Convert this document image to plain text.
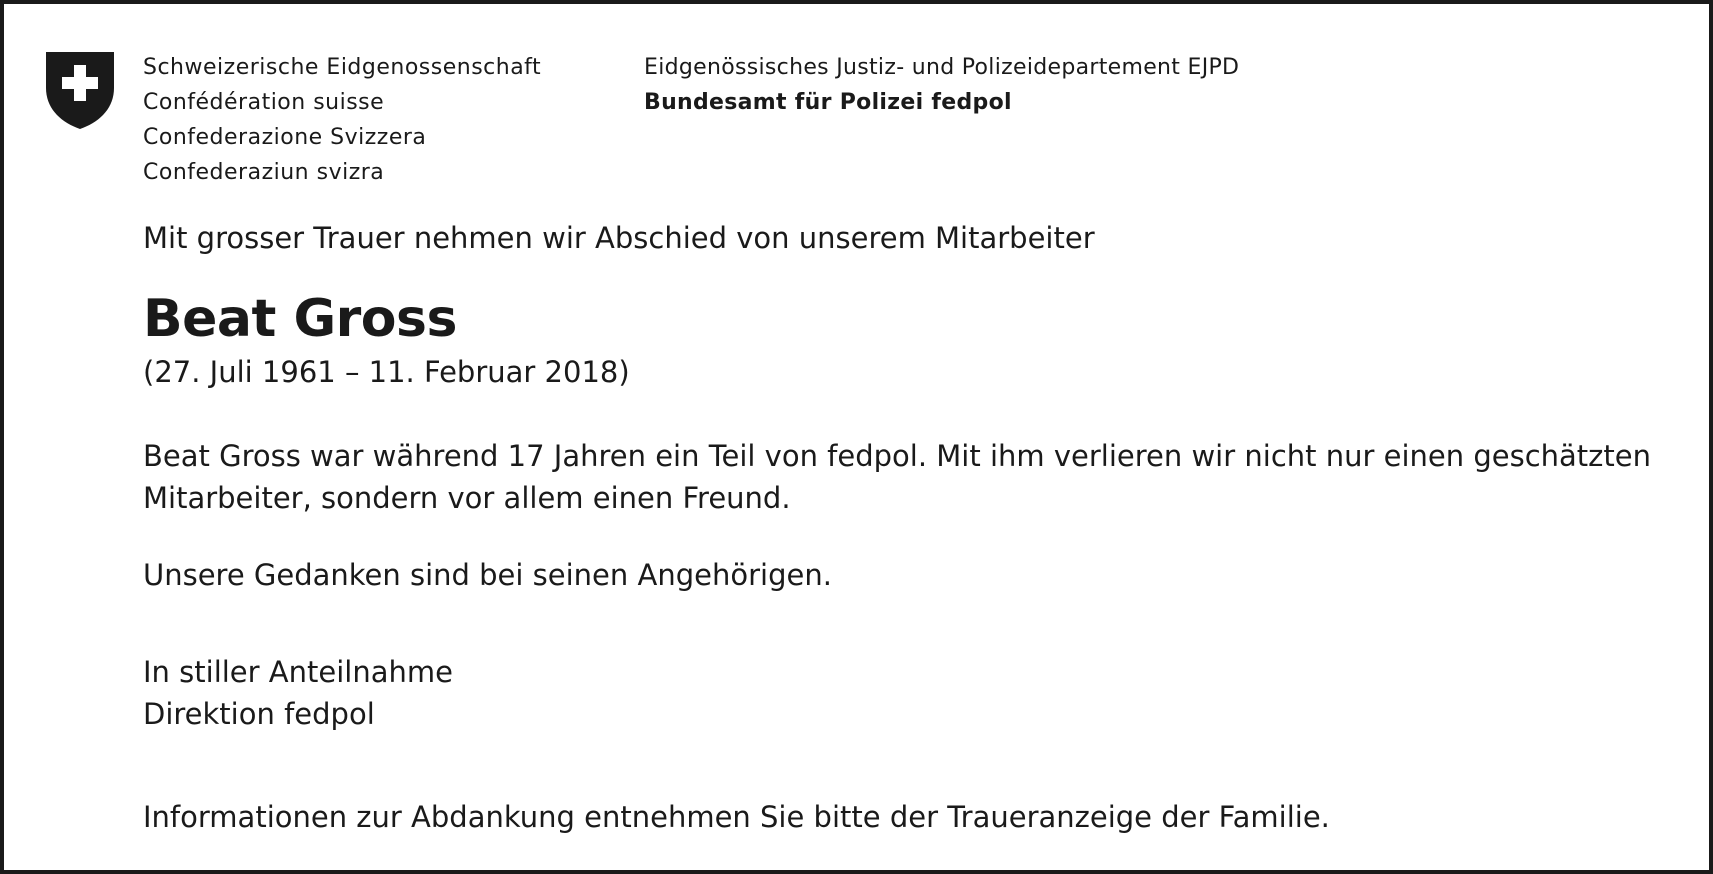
Schweizerische Eidgenossenschaft
Confédération suisse
Confederazione Svizzera
Confederaziun svizra
Eidgenössisches Justiz- und Polizeidepartement EJPD
Bundesamt für Polizei fedpol
Mit grosser Trauer nehmen wir Abschied von unserem Mitarbeiter
Beat Gross
(27. Juli 1961 – 11. Februar 2018)
Beat Gross war während 17 Jahren ein Teil von fedpol. Mit ihm verlieren wir nicht nur einen geschätzten
Mitarbeiter, sondern vor allem einen Freund.
Unsere Gedanken sind bei seinen Angehörigen.
In stiller Anteilnahme
Direktion fedpol
Informationen zur Abdankung entnehmen Sie bitte der Traueranzeige der Familie.
